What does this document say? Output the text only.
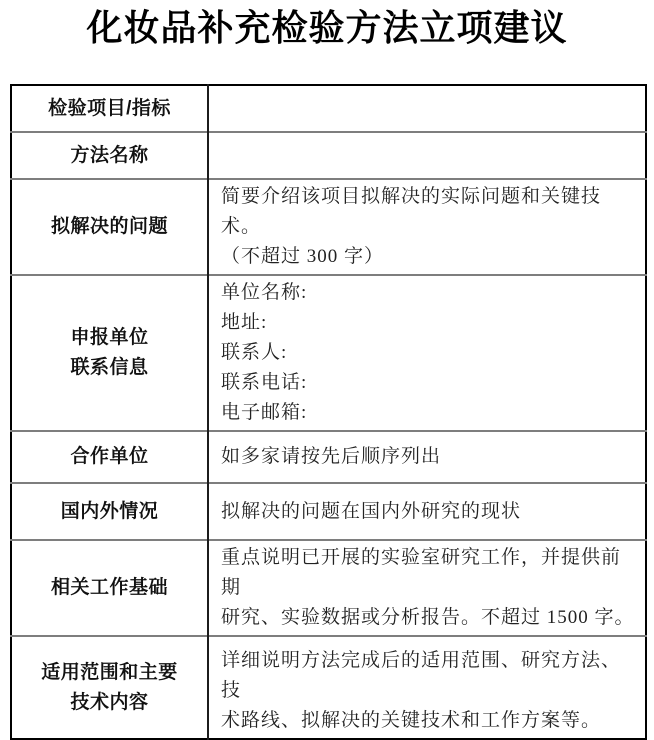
化妆品补充检验方法立项建议
检验项目/指标	

方法名称	

拟解决的问题	简要介绍该项目拟解决的实际问题和关键技术。
（不超过 300 字）

申报单位
联系信息	单位名称:
地址:
联系人:
联系电话:
电子邮箱:

合作单位	如多家请按先后顺序列出

国内外情况	拟解决的问题在国内外研究的现状

相关工作基础	重点说明已开展的实验室研究工作，并提供前期
研究、实验数据或分析报告。不超过 1500 字。

适用范围和主要
技术内容	详细说明方法完成后的适用范围、研究方法、技
术路线、拟解决的关键技术和工作方案等。
